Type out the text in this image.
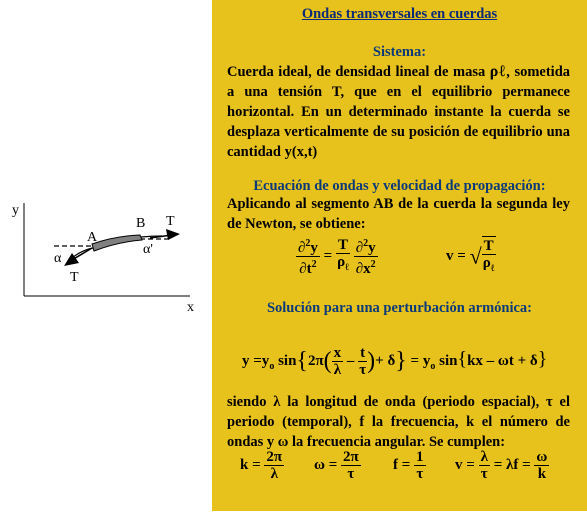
y
x
A
B T
T
α
α'
Ondas transversales en cuerdas
Sistema:
Cuerda ideal, de densidad lineal de masa ρℓ, sometida a una tensión T, que en el equilibrio permanece horizontal. En un determinado instante la cuerda se desplaza verticalmente de su posición de equilibrio una cantidad y(x,t)
Ecuación de ondas y velocidad de propagación:
Aplicando al segmento AB de la cuerda la segunda ley de Newton, se obtiene:
$\frac{\partial^2y}{\partial t^2} = \frac{T}{\rho_\ell}$
$\frac{\partial^2y}{\partial x^2}$	v = √ $\frac{T}{\rho_\ell}$
Solución para una perturbación armónica:
$y =y_o$ $\sin\{2\pi( \frac{x}{\lambda} - \frac{t}{\tau}$ )+ $\delta\} = y_o$ sin{kx – ωt + δ}
siendo λ la longitud de onda (periodo espacial), τ el periodo (temporal), f la frecuencia, k el número de ondas y ω la frecuencia angular. Se cumplen:
$k = \frac{2\pi}{\lambda}$ $\omega = \frac{2\pi}{\tau}$ $f = \frac{1}{\tau}$ $v = \frac{\lambda}{\tau} = \lambda f = \frac{\omega}{k}$
